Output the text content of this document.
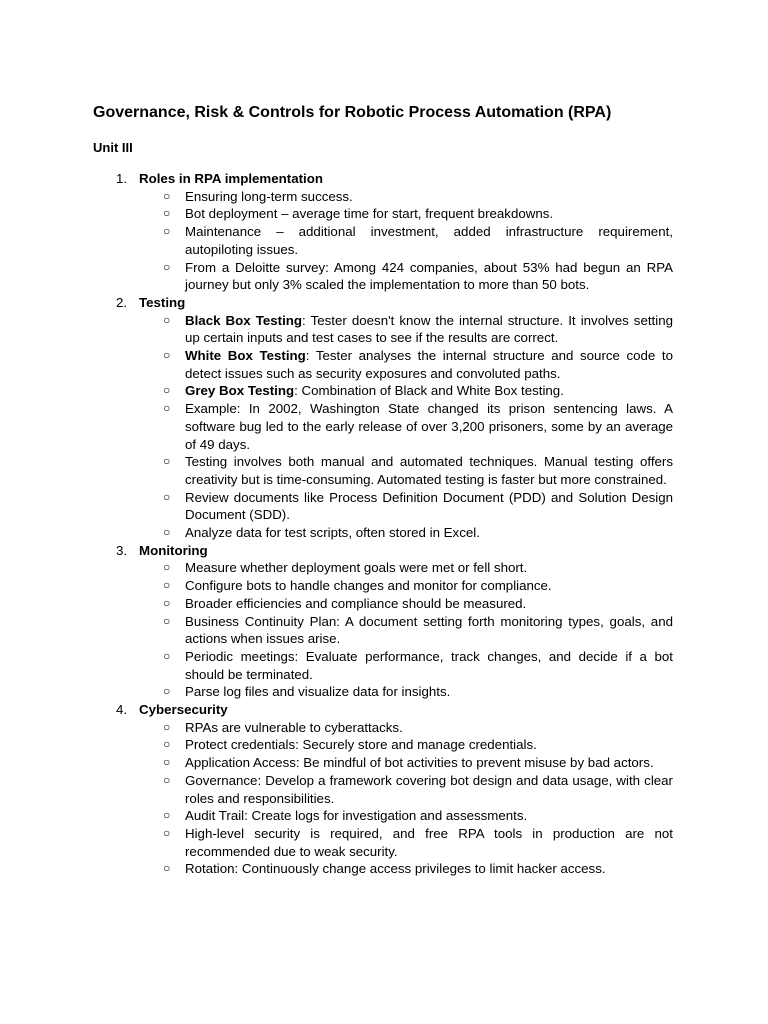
Governance, Risk & Controls for Robotic Process Automation (RPA)
Unit III
1. Roles in RPA implementation
○ Ensuring long-term success.
○ Bot deployment – average time for start, frequent breakdowns.
○ Maintenance – additional investment, added infrastructure requirement, autopiloting issues.
○ From a Deloitte survey: Among 424 companies, about 53% had begun an RPA journey but only 3% scaled the implementation to more than 50 bots.
2. Testing
○ Black Box Testing: Tester doesn't know the internal structure. It involves setting up certain inputs and test cases to see if the results are correct.
○ White Box Testing: Tester analyses the internal structure and source code to detect issues such as security exposures and convoluted paths.
○ Grey Box Testing: Combination of Black and White Box testing.
○ Example: In 2002, Washington State changed its prison sentencing laws. A software bug led to the early release of over 3,200 prisoners, some by an average of 49 days.
○ Testing involves both manual and automated techniques. Manual testing offers creativity but is time-consuming. Automated testing is faster but more constrained.
○ Review documents like Process Definition Document (PDD) and Solution Design Document (SDD).
○ Analyze data for test scripts, often stored in Excel.
3. Monitoring
○ Measure whether deployment goals were met or fell short.
○ Configure bots to handle changes and monitor for compliance.
○ Broader efficiencies and compliance should be measured.
○ Business Continuity Plan: A document setting forth monitoring types, goals, and actions when issues arise.
○ Periodic meetings: Evaluate performance, track changes, and decide if a bot should be terminated.
○ Parse log files and visualize data for insights.
4. Cybersecurity
○ RPAs are vulnerable to cyberattacks.
○ Protect credentials: Securely store and manage credentials.
○ Application Access: Be mindful of bot activities to prevent misuse by bad actors.
○ Governance: Develop a framework covering bot design and data usage, with clear roles and responsibilities.
○ Audit Trail: Create logs for investigation and assessments.
○ High-level security is required, and free RPA tools in production are not recommended due to weak security.
○ Rotation: Continuously change access privileges to limit hacker access.
